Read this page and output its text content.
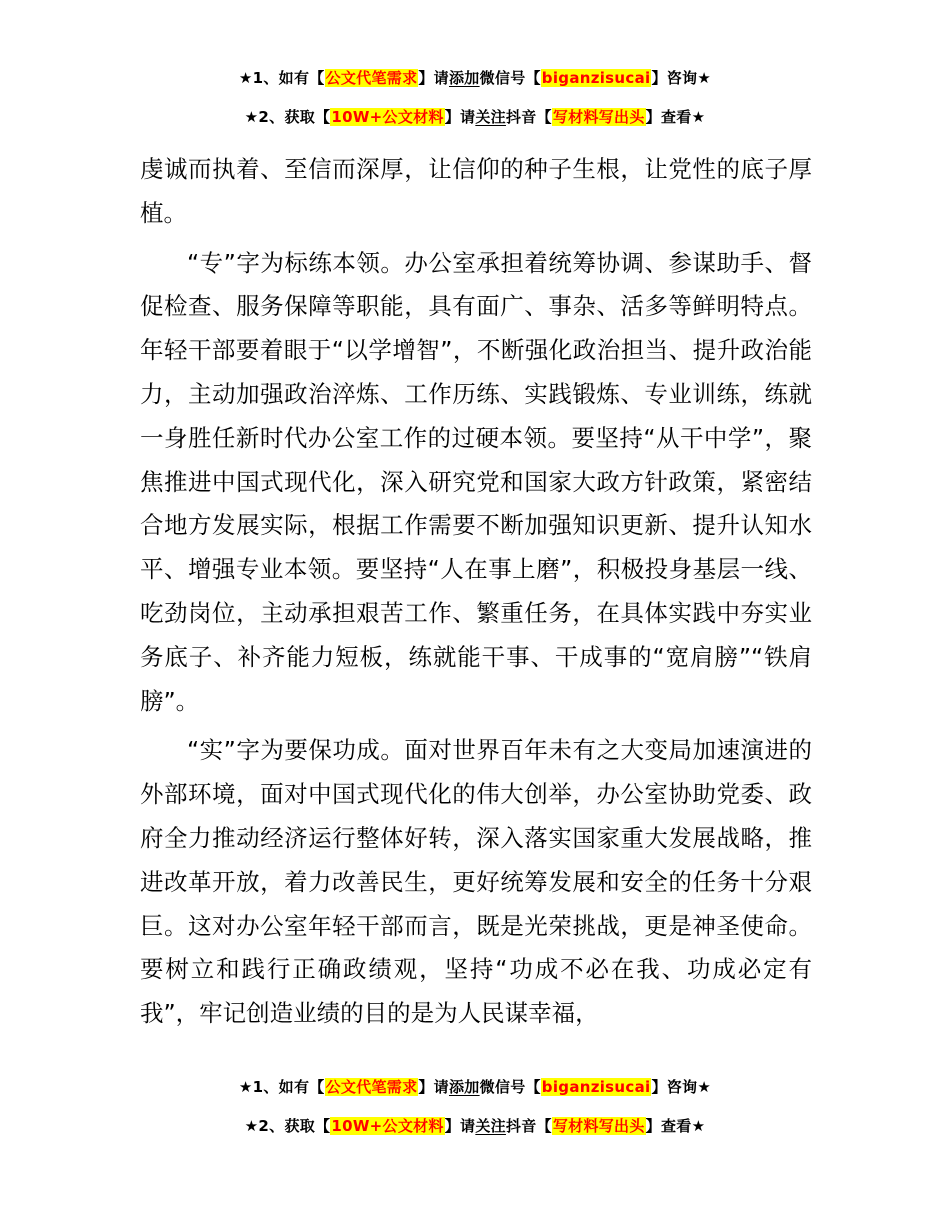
★1、如有【公文代笔需求】请添加微信号【biganzisucai】咨询★
★2、获取【10W+公文材料】请关注抖音【写材料写出头】查看★

虔诚而执着、至信而深厚，让信仰的种子生根，让党性的底子厚植。

“专”字为标练本领。办公室承担着统筹协调、参谋助手、督促检查、服务保障等职能，具有面广、事杂、活多等鲜明特点。年轻干部要着眼于“以学增智”，不断强化政治担当、提升政治能力，主动加强政治淬炼、工作历练、实践锻炼、专业训练，练就一身胜任新时代办公室工作的过硬本领。要坚持“从干中学”，聚焦推进中国式现代化，深入研究党和国家大政方针政策，紧密结合地方发展实际，根据工作需要不断加强知识更新、提升认知水平、增强专业本领。要坚持“人在事上磨”，积极投身基层一线、吃劲岗位，主动承担艰苦工作、繁重任务，在具体实践中夯实业务底子、补齐能力短板，练就能干事、干成事的“宽肩膀”“铁肩膀”。

“实”字为要保功成。面对世界百年未有之大变局加速演进的外部环境，面对中国式现代化的伟大创举，办公室协助党委、政府全力推动经济运行整体好转，深入落实国家重大发展战略，推进改革开放，着力改善民生，更好统筹发展和安全的任务十分艰巨。这对办公室年轻干部而言，既是光荣挑战，更是神圣使命。要树立和践行正确政绩观，坚持“功成不必在我、功成必定有我”，牢记创造业绩的目的是为人民谋幸福，

★1、如有【公文代笔需求】请添加微信号【biganzisucai】咨询★
★2、获取【10W+公文材料】请关注抖音【写材料写出头】查看★
